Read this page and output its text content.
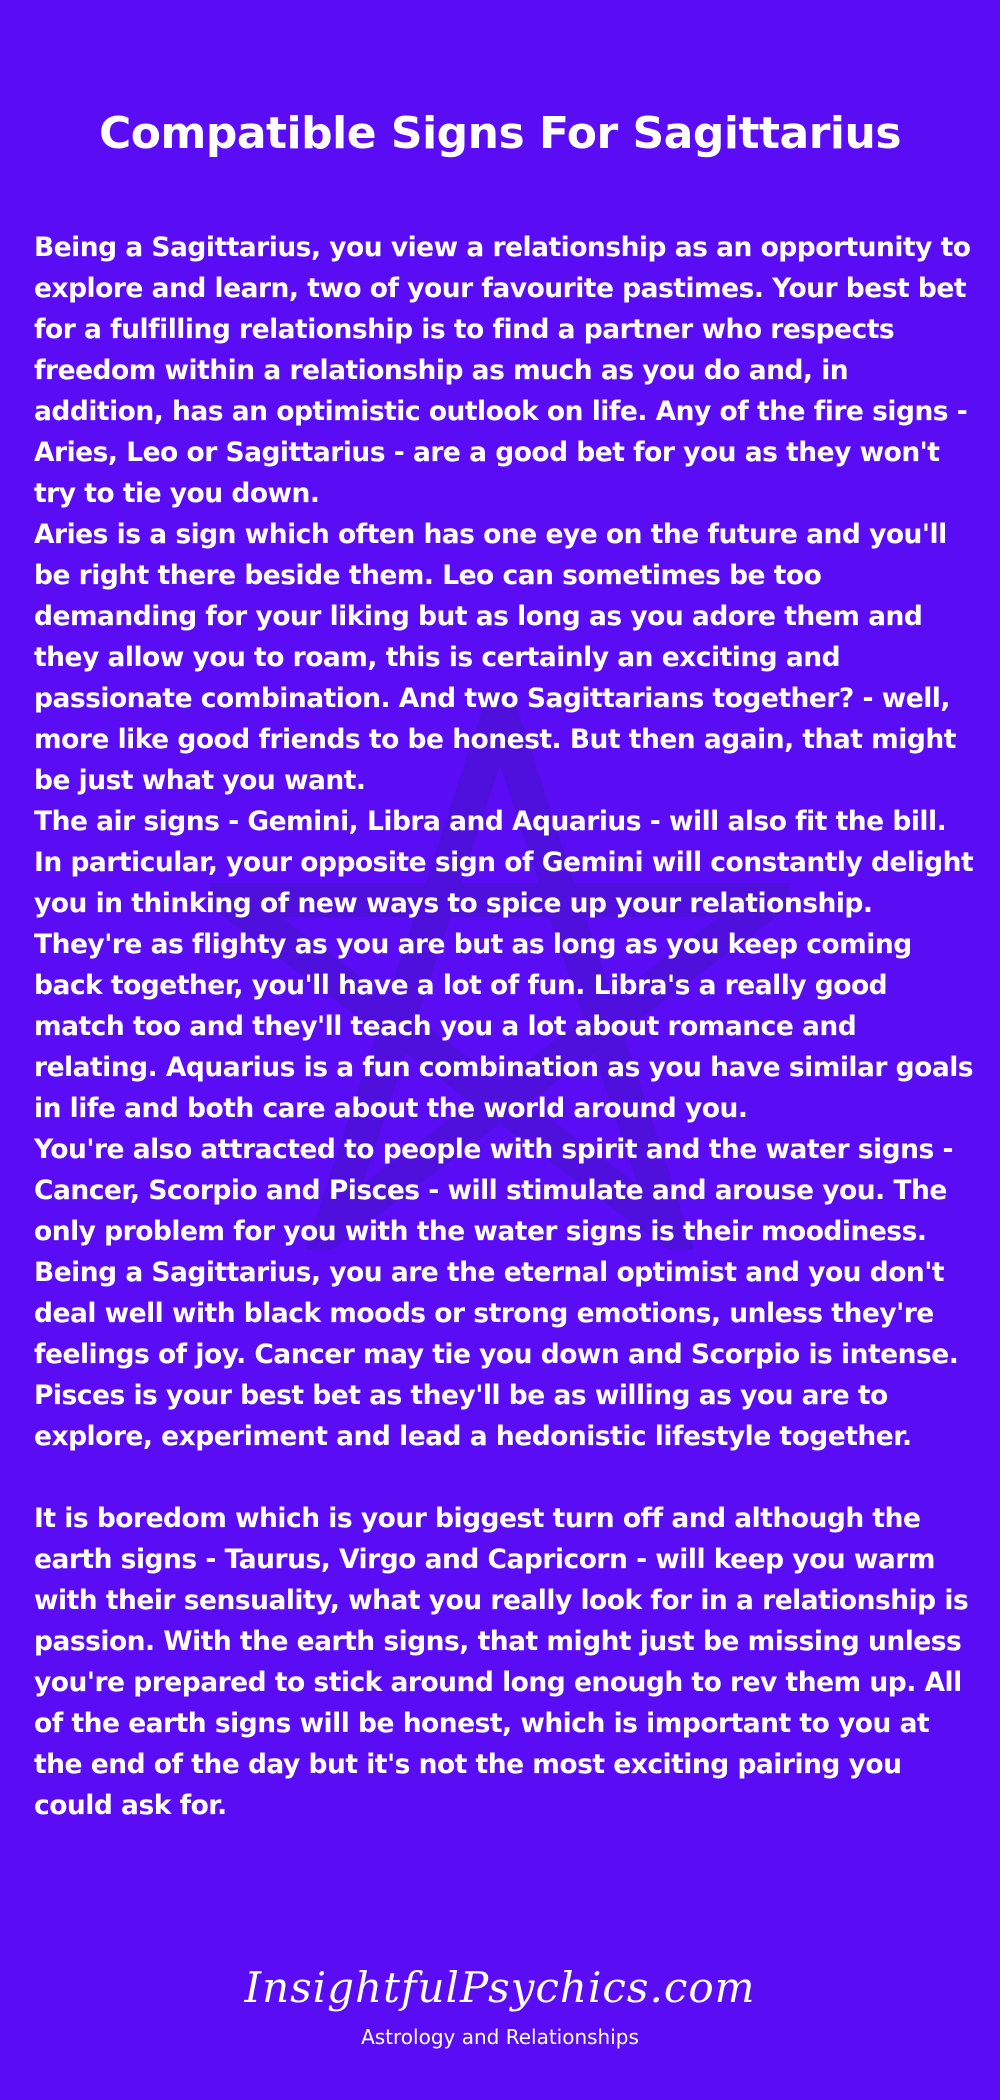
Compatible Signs For Sagittarius

Being a Sagittarius, you view a relationship as an opportunity to explore and learn, two of your favourite pastimes. Your best bet for a fulfilling relationship is to find a partner who respects freedom within a relationship as much as you do and, in addition, has an optimistic outlook on life. Any of the fire signs - Aries, Leo or Sagittarius - are a good bet for you as they won't try to tie you down.

Aries is a sign which often has one eye on the future and you'll be right there beside them. Leo can sometimes be too demanding for your liking but as long as you adore them and they allow you to roam, this is certainly an exciting and passionate combination. And two Sagittarians together? - well, more like good friends to be honest. But then again, that might be just what you want.

The air signs - Gemini, Libra and Aquarius - will also fit the bill. In particular, your opposite sign of Gemini will constantly delight you in thinking of new ways to spice up your relationship. They're as flighty as you are but as long as you keep coming back together, you'll have a lot of fun. Libra's a really good match too and they'll teach you a lot about romance and relating. Aquarius is a fun combination as you have similar goals in life and both care about the world around you.

You're also attracted to people with spirit and the water signs - Cancer, Scorpio and Pisces - will stimulate and arouse you. The only problem for you with the water signs is their moodiness. Being a Sagittarius, you are the eternal optimist and you don't deal well with black moods or strong emotions, unless they're feelings of joy. Cancer may tie you down and Scorpio is intense. Pisces is your best bet as they'll be as willing as you are to explore, experiment and lead a hedonistic lifestyle together.

It is boredom which is your biggest turn off and although the earth signs - Taurus, Virgo and Capricorn - will keep you warm with their sensuality, what you really look for in a relationship is passion. With the earth signs, that might just be missing unless you're prepared to stick around long enough to rev them up. All of the earth signs will be honest, which is important to you at the end of the day but it's not the most exciting pairing you could ask for.

InsightfulPsychics.com
Astrology and Relationships
